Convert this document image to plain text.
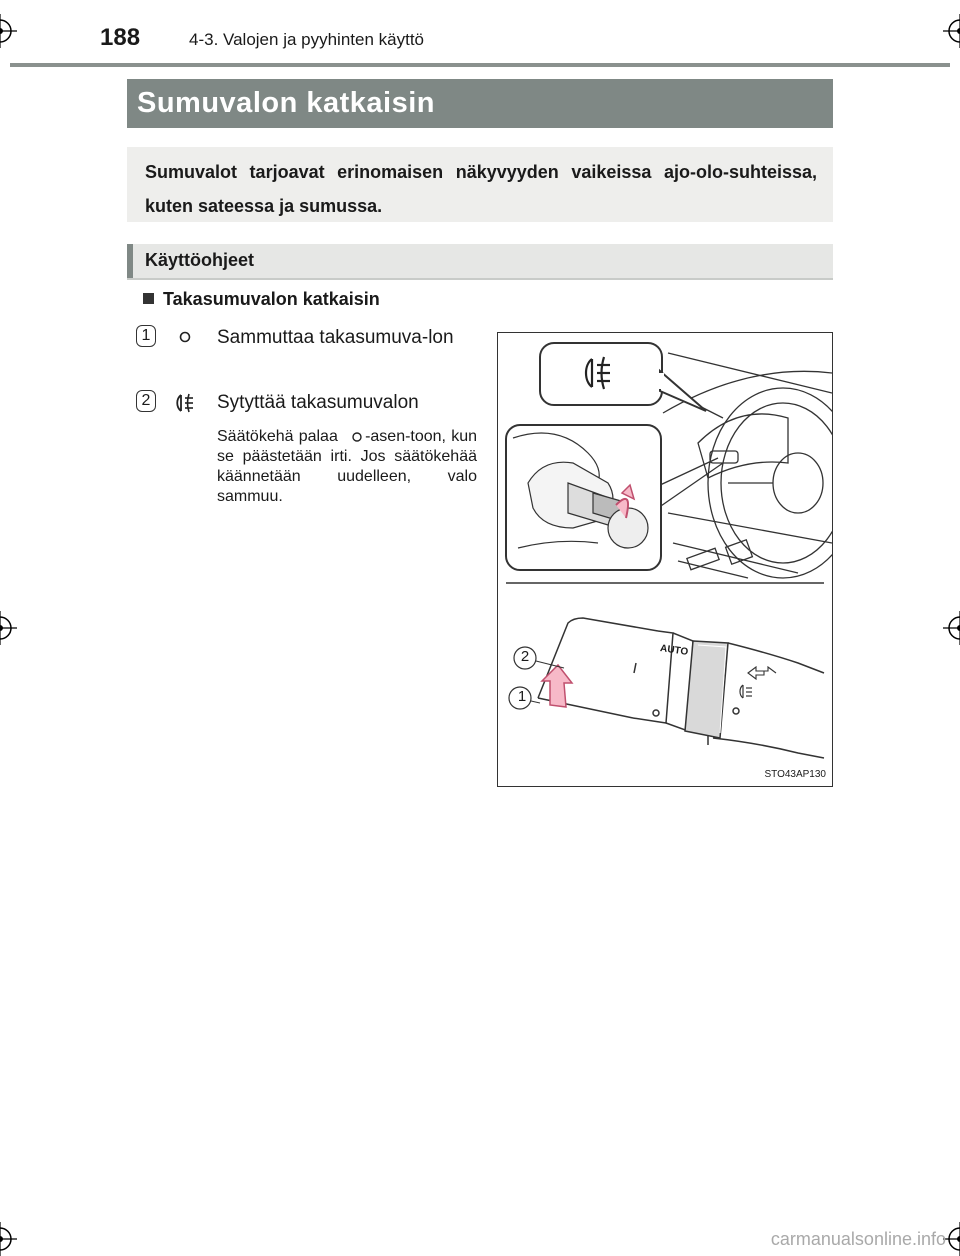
188	4-3. Valojen ja pyyhinten käyttö
Sumuvalon katkaisin
Sumuvalot tarjoavat erinomaisen näkyvyyden vaikeissa ajo-olo-suhteissa, kuten sateessa ja sumussa.
Käyttöohjeet
Takasumuvalon katkaisin
1	Sammuttaa takasumuva-lon
2	Sytyttää takasumuvalon
Säätökehä palaa -asen-toon, kun se päästetään irti. Jos säätökehää käännetään uudelleen, valo sammuu.
1
2	AUTO
STO43AP130
carmanualsonline.info
